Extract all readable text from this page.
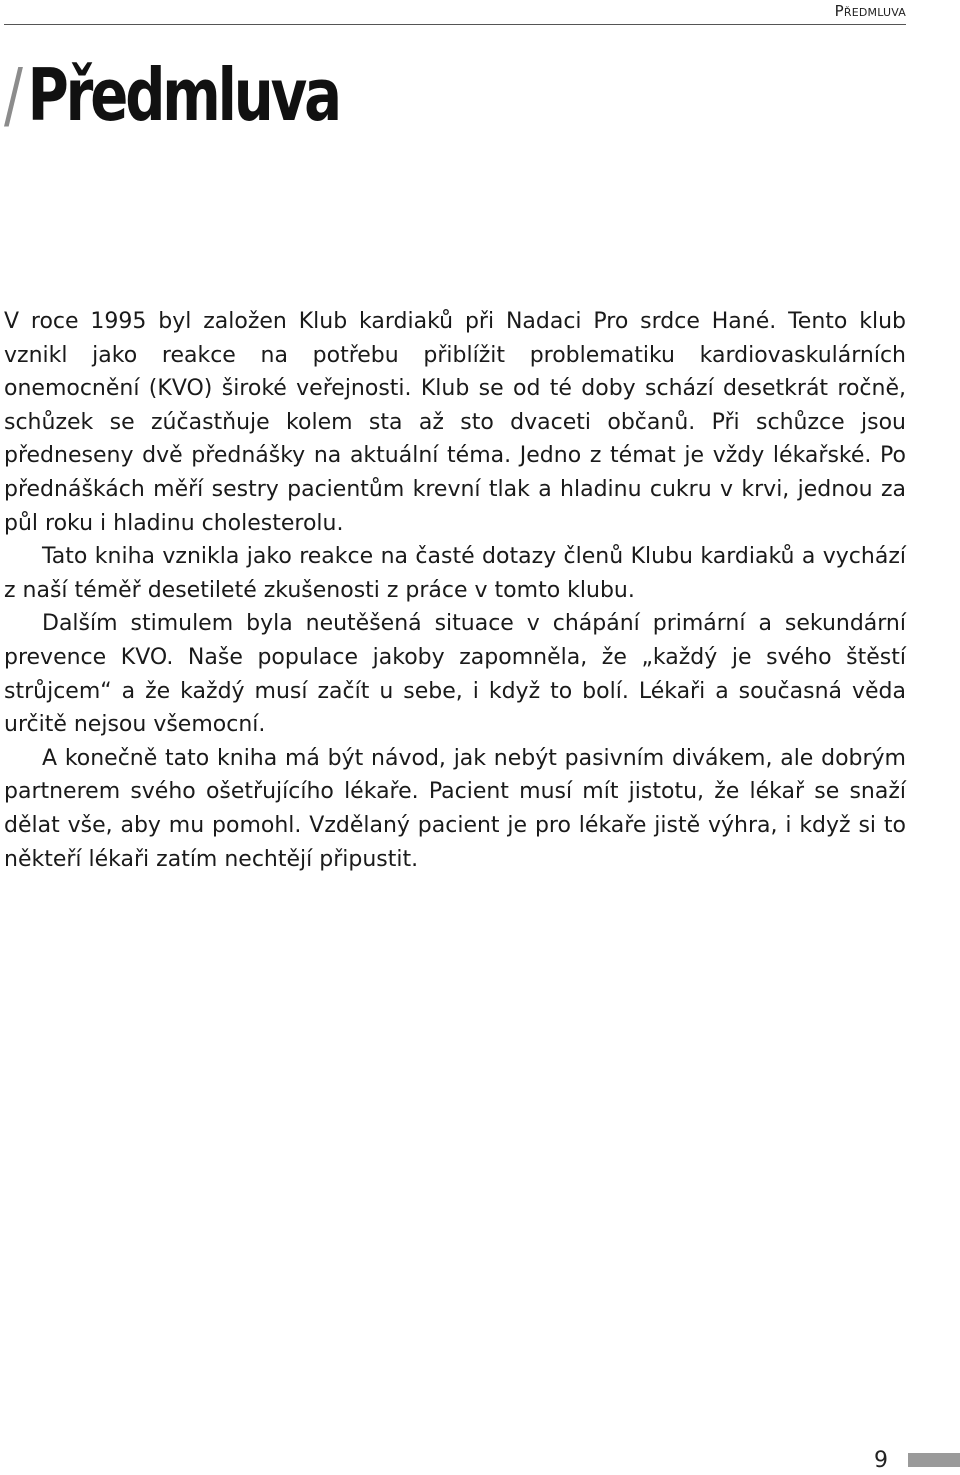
Předmluva
/ Předmluva

V roce 1995 byl založen Klub kardiaků při Nadaci Pro srdce Hané. Tento klub vznikl jako reakce na potřebu přiblížit problematiku kardiovaskulárních onemocnění (KVO) široké veřejnosti. Klub se od té doby schází desetkrát ročně, schůzek se zúčastňuje kolem sta až sto dvaceti občanů. Při schůzce jsou předneseny dvě přednášky na aktuální téma. Jedno z témat je vždy lékařské. Po přednáškách měří sestry pacientům krevní tlak a hladinu cukru v krvi, jednou za půl roku i hladinu cholesterolu.

Tato kniha vznikla jako reakce na časté dotazy členů Klubu kardiaků a vychází z naší téměř desetileté zkušenosti z práce v tomto klubu.

Dalším stimulem byla neutěšená situace v chápání primární a sekundární prevence KVO. Naše populace jakoby zapomněla, že „každý je svého štěstí strůjcem“ a že každý musí začít u sebe, i když to bolí. Lékaři a současná věda určitě nejsou všemocní.

A konečně tato kniha má být návod, jak nebýt pasivním divákem, ale dobrým partnerem svého ošetřujícího lékaře. Pacient musí mít jistotu, že lékař se snaží dělat vše, aby mu pomohl. Vzdělaný pacient je pro lékaře jistě výhra, i když si to někteří lékaři zatím nechtějí připustit.

9
